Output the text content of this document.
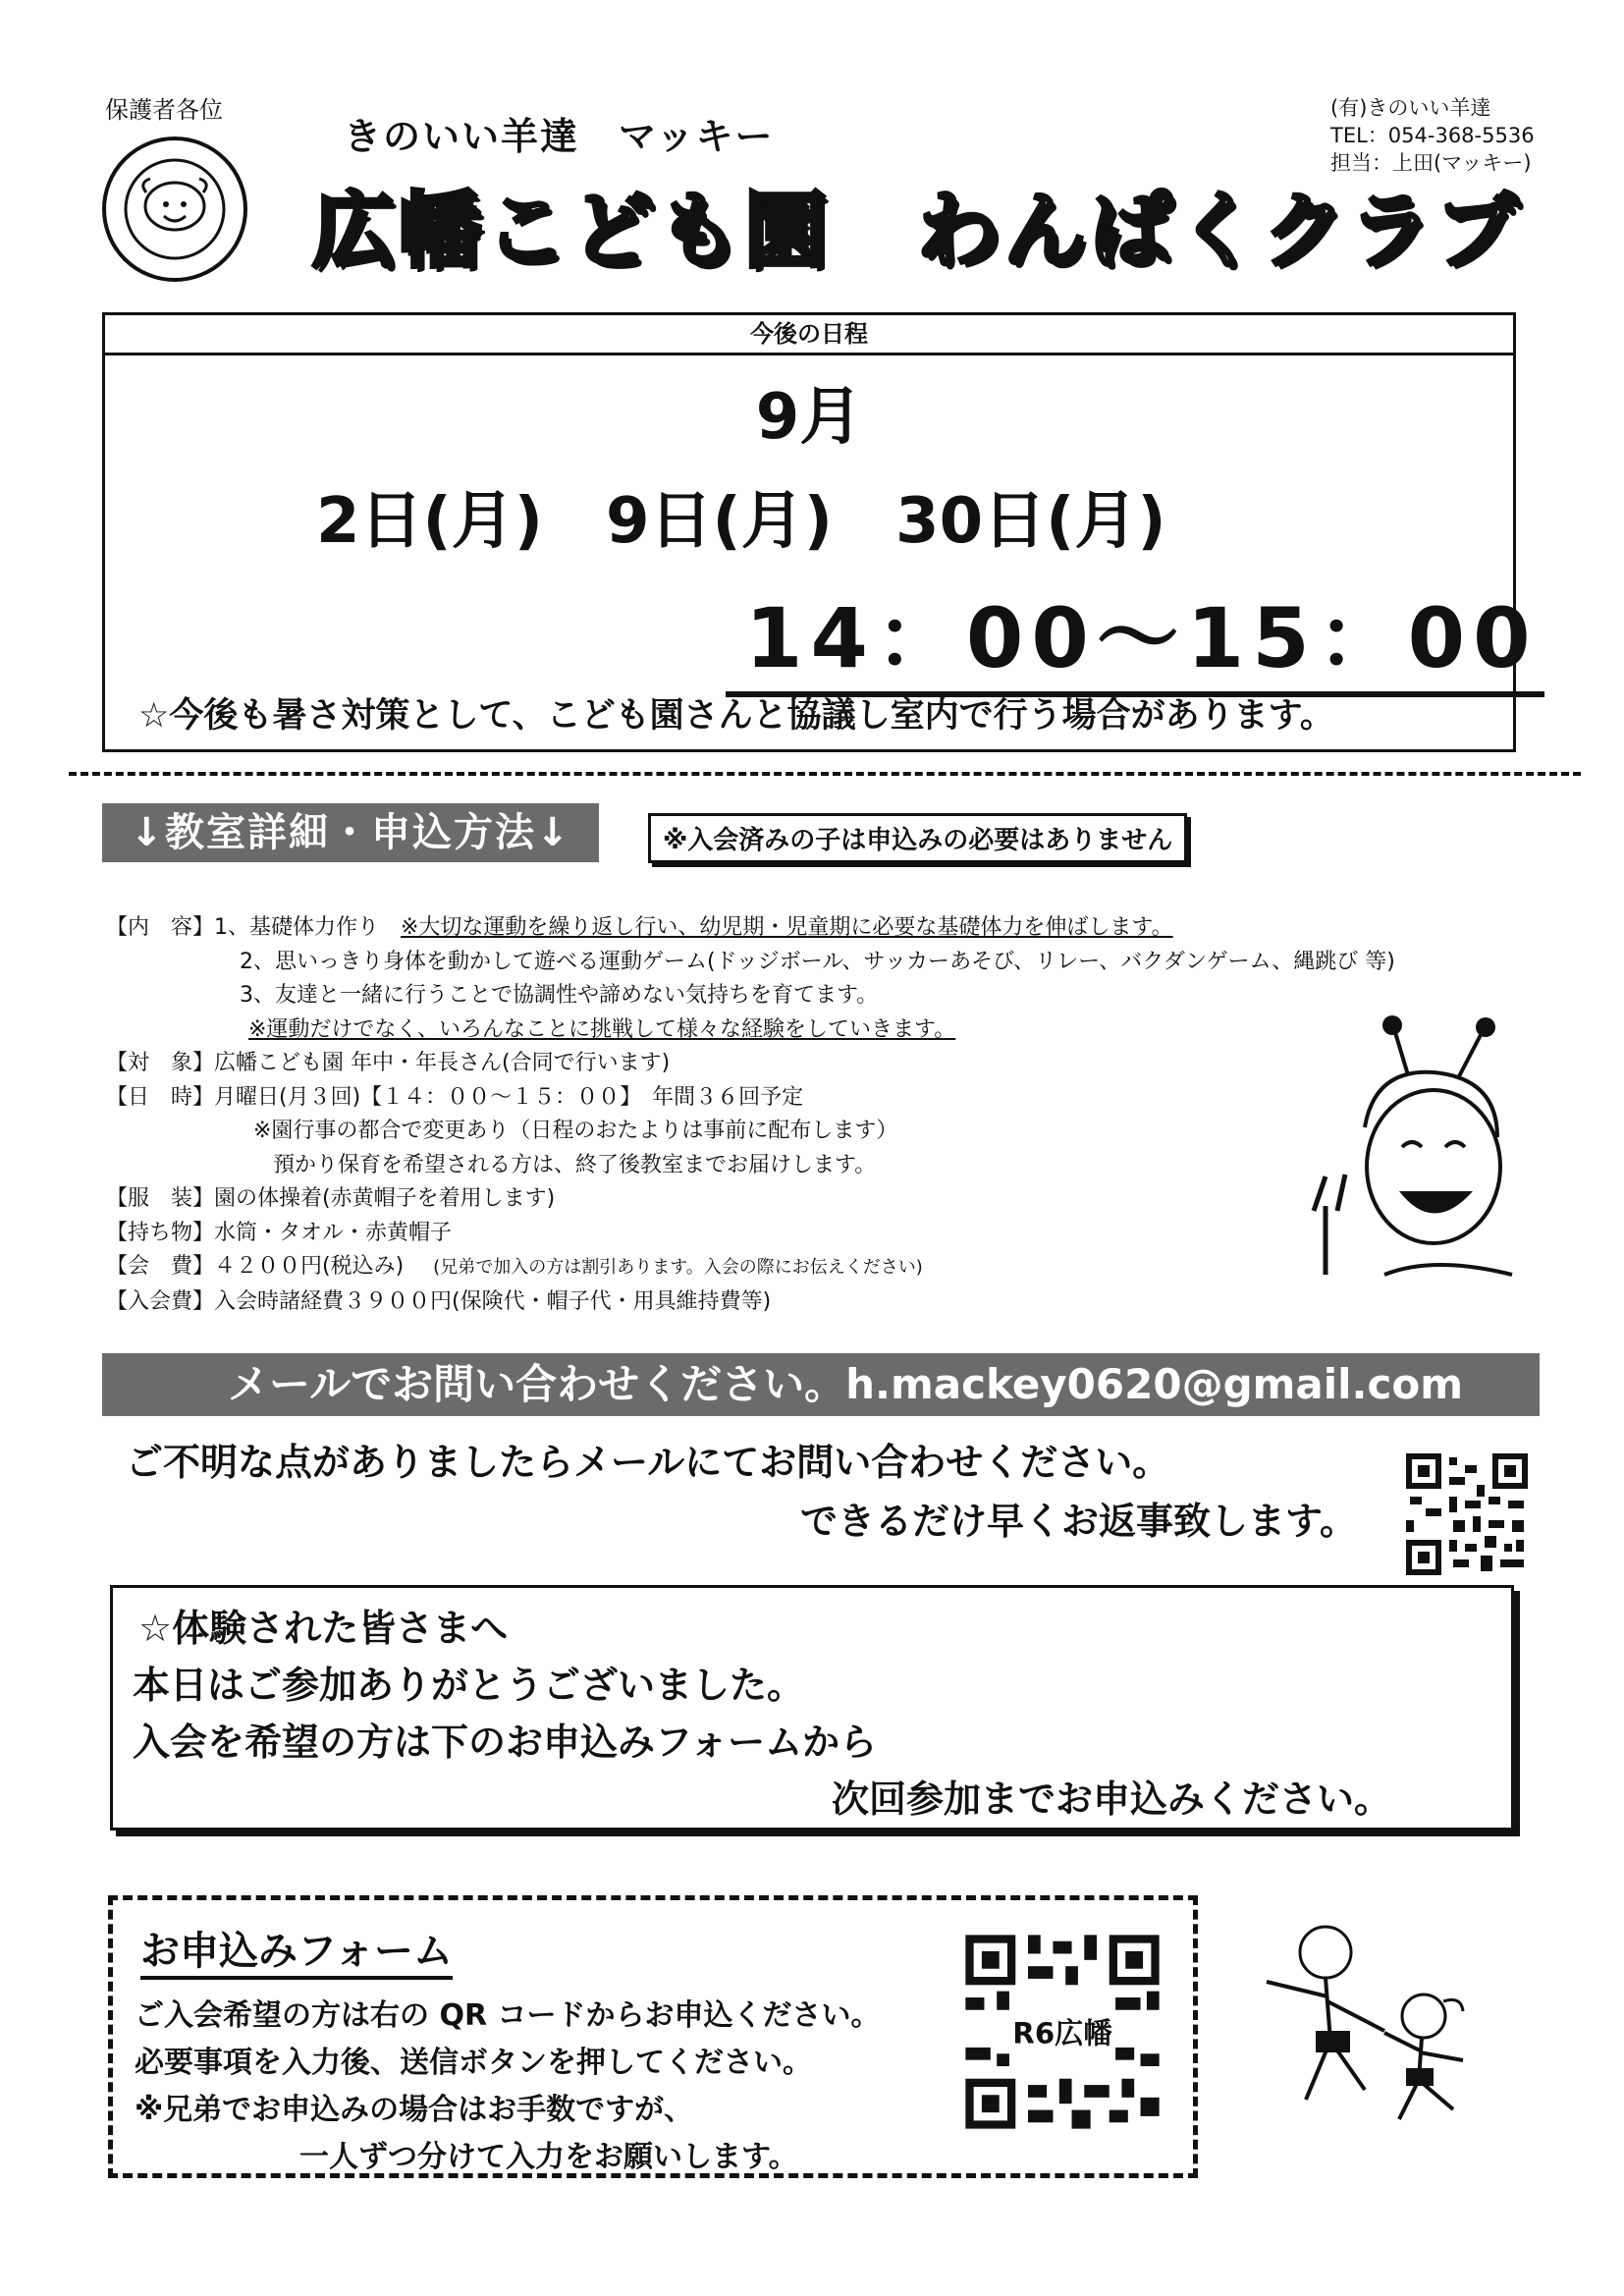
保護者各位
きのいい羊達　マッキー
広幡こども園　わんぱくクラブ
(有)きのいい羊達
TEL：054-368-5536
担当：上田(マッキー)
今後の日程
9月
2日(月)　9日(月)　30日(月)
14：00～15：00
☆今後も暑さ対策として、こども園さんと協議し室内で行う場合があります。
↓教室詳細・申込方法↓	※入会済みの子は申込みの必要はありません
【内　容】1、基礎体力作り　※大切な運動を繰り返し行い、幼児期・児童期に必要な基礎体力を伸ばします。
2、思いっきり身体を動かして遊べる運動ゲーム(ドッジボール、サッカーあそび、リレー、バクダンゲーム、縄跳び 等)
3、友達と一緒に行うことで協調性や諦めない気持ちを育てます。
※運動だけでなく、いろんなことに挑戦して様々な経験をしていきます。
【対　象】広幡こども園 年中・年長さん(合同で行います)
【日　時】月曜日(月３回)【１４：００～１５：００】　年間３６回予定
※園行事の都合で変更あり（日程のおたよりは事前に配布します）
預かり保育を希望される方は、終了後教室までお届けします。
【服　装】園の体操着(赤黄帽子を着用します)
【持ち物】水筒・タオル・赤黄帽子
【会　費】４２００円(税込み) (兄弟で加入の方は割引あります。入会の際にお伝えください)
【入会費】入会時諸経費３９００円(保険代・帽子代・用具維持費等)
メールでお問い合わせください。h.mackey0620@gmail.com
ご不明な点がありましたらメールにてお問い合わせください。
できるだけ早くお返事致します。
☆体験された皆さまへ
本日はご参加ありがとうございました。
入会を希望の方は下のお申込みフォームから
次回参加までお申込みください。
お申込みフォーム
ご入会希望の方は右の QR コードからお申込ください。
必要事項を入力後、送信ボタンを押してください。
※兄弟でお申込みの場合はお手数ですが、
一人ずつ分けて入力をお願いします。
R6広幡
